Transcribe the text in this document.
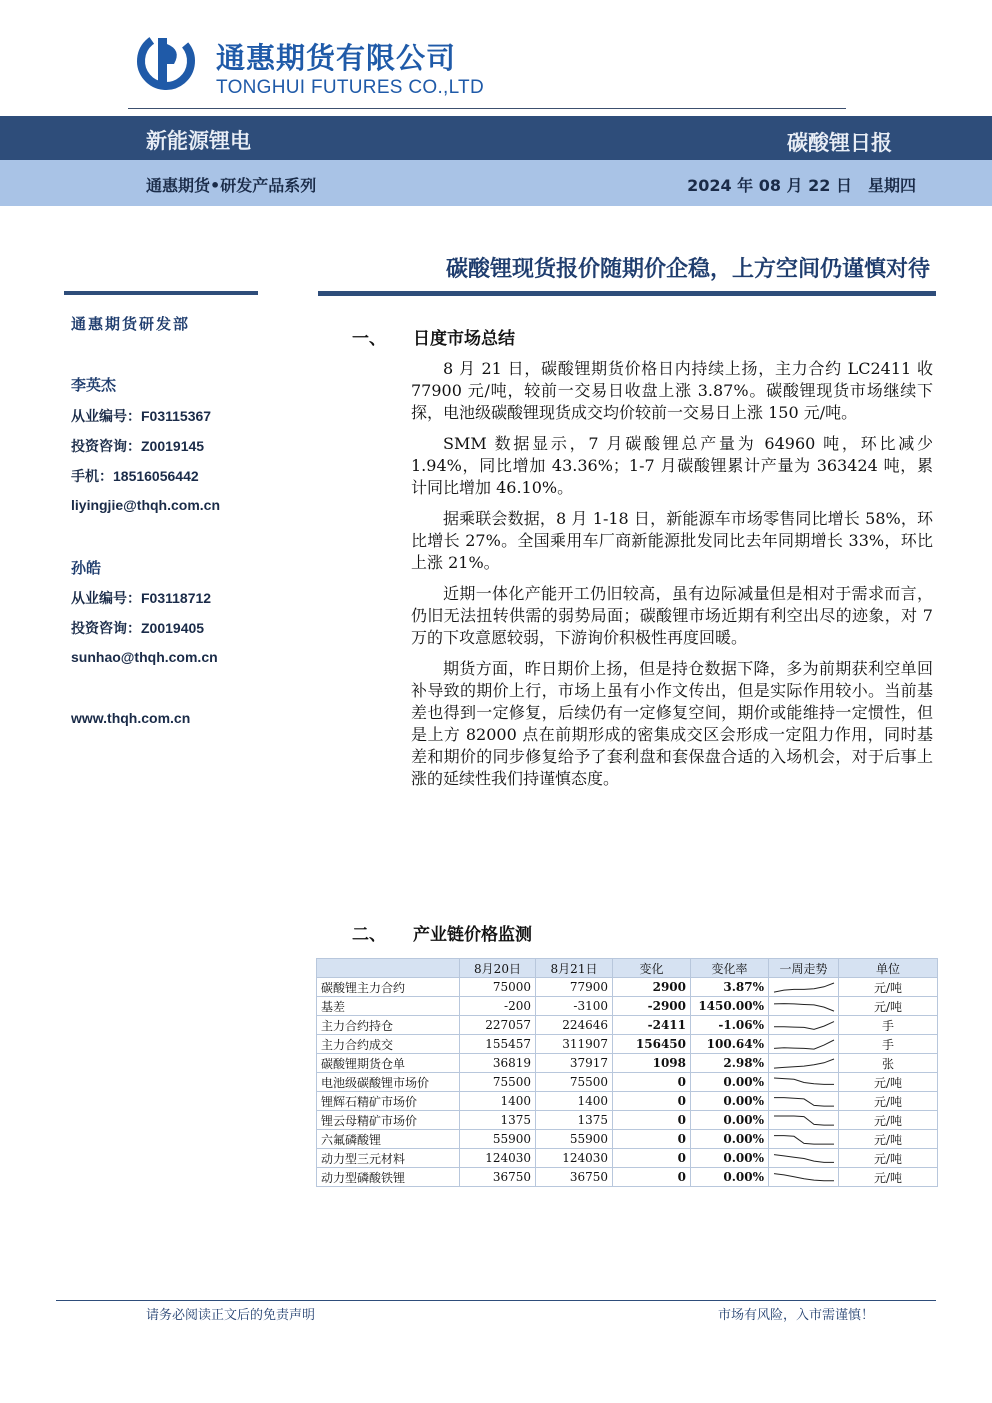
通惠期货有限公司
TONGHUI FUTURES CO.,LTD
新能源锂电	碳酸锂日报
通惠期货•研发产品系列	2024 年 08 月 22 日 星期四
碳酸锂现货报价随期价企稳，上方空间仍谨慎对待
通惠期货研发部
李英杰
从业编号：F03115367
投资咨询：Z0019145
手机：18516056442
liyingjie@thqh.com.cn
孙皓
从业编号：F03118712
投资咨询：Z0019405
sunhao@thqh.com.cn
www.thqh.com.cn
一、 日度市场总结

8 月 21 日，碳酸锂期货价格日内持续上扬，主力合约 LC2411 收 77900 元/吨，较前一交易日收盘上涨 3.87%。碳酸锂现货市场继续下探，电池级碳酸锂现货成交均价较前一交易日上涨 150 元/吨。

SMM 数据显示，7 月碳酸锂总产量为 64960 吨，环比减少 1.94%，同比增加 43.36%；1-7 月碳酸锂累计产量为 363424 吨，累计同比增加 46.10%。

据乘联会数据，8 月 1-18 日，新能源车市场零售同比增长 58%，环比增长 27%。全国乘用车厂商新能源批发同比去年同期增长 33%，环比上涨 21%。

近期一体化产能开工仍旧较高，虽有边际减量但是相对于需求而言，仍旧无法扭转供需的弱势局面；碳酸锂市场近期有利空出尽的迹象，对 7 万的下攻意愿较弱，下游询价积极性再度回暖。

期货方面，昨日期价上扬，但是持仓数据下降，多为前期获利空单回补导致的期价上行，市场上虽有小作文传出，但是实际作用较小。当前基差也得到一定修复，后续仍有一定修复空间，期价或能维持一定惯性，但是上方 82000 点在前期形成的密集成交区会形成一定阻力作用，同时基差和期价的同步修复给予了套利盘和套保盘合适的入场机会，对于后事上涨的延续性我们持谨慎态度。

二、 产业链价格监测
	8月20日	8月21日	变化	变化率	一周走势	单位
碳酸锂主力合约	75000	77900	2900	3.87%		元/吨
基差	-200	-3100	-2900	1450.00%		元/吨
主力合约持仓	227057	224646	-2411	-1.06%		手
主力合约成交	155457	311907	156450	100.64%		手
碳酸锂期货仓单	36819	37917	1098	2.98%		张
电池级碳酸锂市场价	75500	75500	0	0.00%		元/吨
锂辉石精矿市场价	1400	1400	0	0.00%		元/吨
锂云母精矿市场价	1375	1375	0	0.00%		元/吨
六氟磷酸锂	55900	55900	0	0.00%		元/吨
动力型三元材料	124030	124030	0	0.00%		元/吨
动力型磷酸铁锂	36750	36750	0	0.00%		元/吨
请务必阅读正文后的免责声明	市场有风险，入市需谨慎！
